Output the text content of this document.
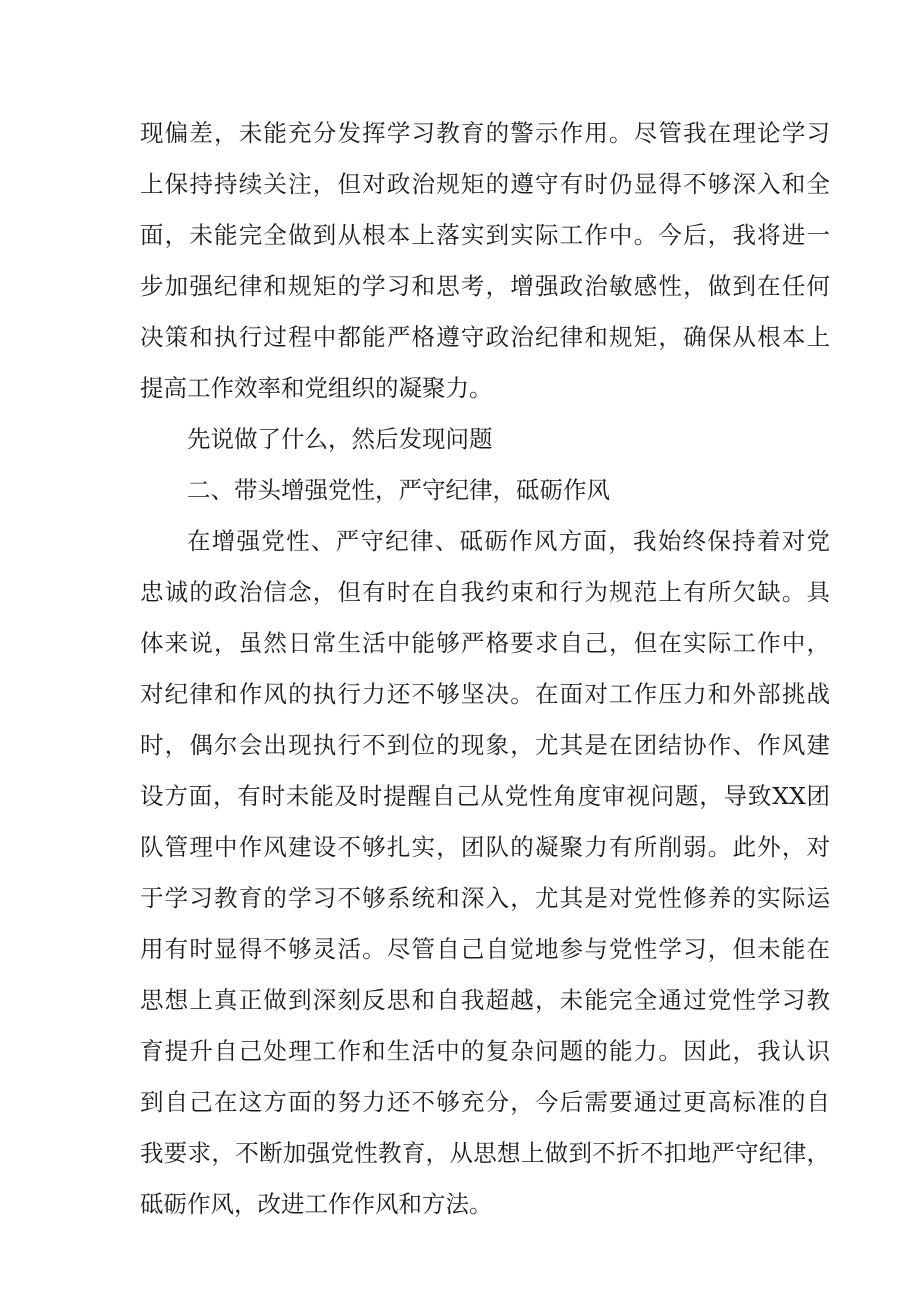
现偏差，未能充分发挥学习教育的警示作用。尽管我在理论学习
上保持持续关注，但对政治规矩的遵守有时仍显得不够深入和全
面，未能完全做到从根本上落实到实际工作中。今后，我将进一
步加强纪律和规矩的学习和思考，增强政治敏感性，做到在任何
决策和执行过程中都能严格遵守政治纪律和规矩，确保从根本上
提高工作效率和党组织的凝聚力。

先说做了什么，然后发现问题

二、带头增强党性，严守纪律，砥砺作风

在增强党性、严守纪律、砥砺作风方面，我始终保持着对党
忠诚的政治信念，但有时在自我约束和行为规范上有所欠缺。具
体来说，虽然日常生活中能够严格要求自己，但在实际工作中，
对纪律和作风的执行力还不够坚决。在面对工作压力和外部挑战
时，偶尔会出现执行不到位的现象，尤其是在团结协作、作风建
设方面，有时未能及时提醒自己从党性角度审视问题，导致XX团
队管理中作风建设不够扎实，团队的凝聚力有所削弱。此外，对
于学习教育的学习不够系统和深入，尤其是对党性修养的实际运
用有时显得不够灵活。尽管自己自觉地参与党性学习，但未能在
思想上真正做到深刻反思和自我超越，未能完全通过党性学习教
育提升自己处理工作和生活中的复杂问题的能力。因此，我认识
到自己在这方面的努力还不够充分，今后需要通过更高标准的自
我要求，不断加强党性教育，从思想上做到不折不扣地严守纪律，
砥砺作风，改进工作作风和方法。
